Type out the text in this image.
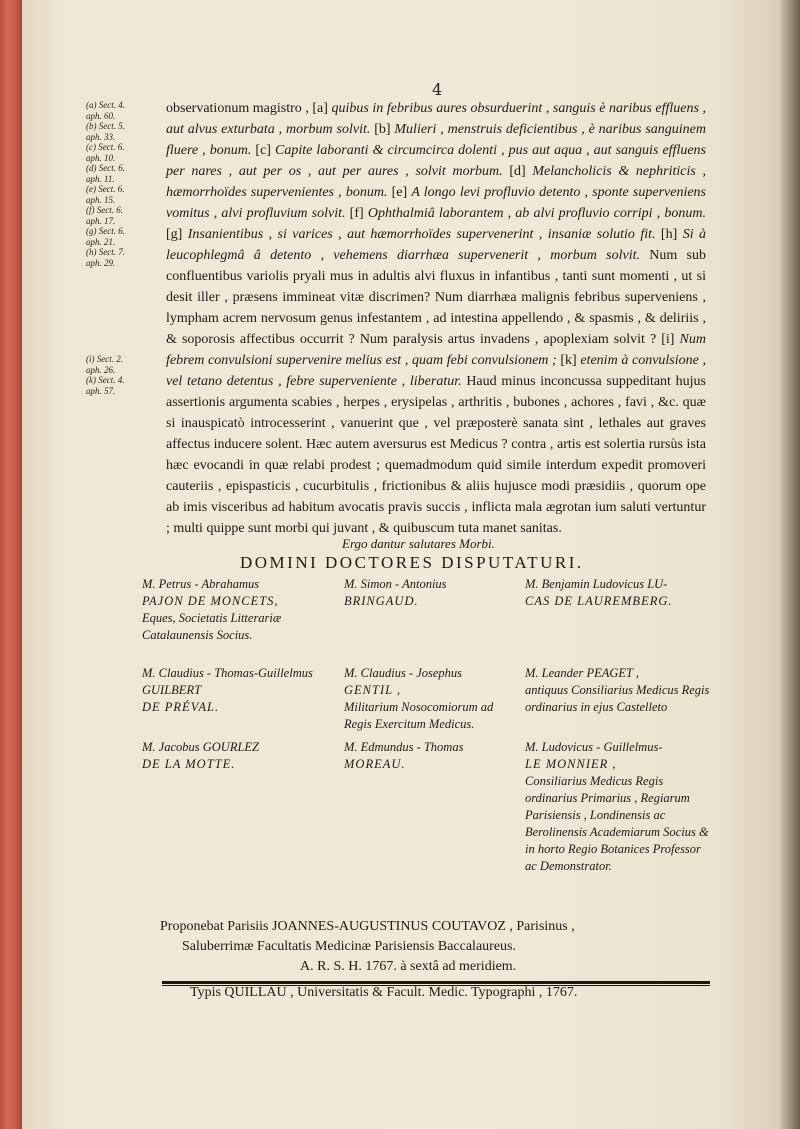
4

(a) Sect. 4.

aph. 60.

(b) Sect. 5.

aph. 33.

(c) Sect. 6.

aph. 10.

(d) Sect. 6.

aph. 11.

(e) Sect. 6.

aph. 15.

(f) Sect. 6.

aph. 17.

(g) Sect. 6.

aph. 21.

(h) Sect. 7.

aph. 29.

(i) Sect. 2.

aph. 26.

(k) Sect. 4.

aph. 57.

observationum magistro , [a] quibus in febribus aures obsurduerint , sanguis è naribus effluens , aut alvus exturbata , morbum solvit. [b] Mulieri , menstruis deficientibus , è naribus sanguinem fluere , bonum. [c] Capite laboranti & circumcirca dolenti , pus aut aqua , aut sanguis effluens per nares , aut per os , aut per aures , solvit morbum. [d] Melancholicis & nephriticis , hæmorrhoïdes supervenientes , bonum. [e] A longo levi profluvio detento , sponte superveniens vomitus , alvi profluvium solvit. [f] Ophthalmiâ laborantem , ab alvi profluvio corripi , bonum. [g] Insanientibus , si varices , aut hæmorrhoïdes supervenerint , insaniæ solutio fit. [h] Si à leucophlegmâ â detento , vehemens diarrhæa supervenerit , morbum solvit. Num sub confluentibus variolis pryali mus in adultis alvi fluxus in infantibus , tanti sunt momenti , ut si desit iller , præsens immineat vitæ discrimen? Num diarrhæa malignis febribus superveniens , lympham acrem nervosum genus infestantem , ad intestina appellendo , & spasmis , & deliriis , & soporosis affectibus occurrit ? Num paralysis artus invadens , apoplexiam solvit ? [i] Num febrem convulsioni supervenire melius est , quam febi convulsionem ; [k] etenim à convulsione , vel tetano detentus , febre superveniente , liberatur. Haud minus inconcussa suppeditant hujus assertionis argumenta scabies , herpes , erysipelas , arthritis , bubones , achores , favi , &c. quæ si inauspicatò introcesserint , vanuerint que , vel præposterè sanata sint , lethales aut graves affectus inducere solent. Hæc autem aversurus est Medicus ? contra , artis est solertia rursùs ista hæc evocandi in quæ relabi prodest ; quemadmodum quid simile interdum expedit promoveri cauteriis , epispasticis , cucurbitulis , frictionibus & aliis hujusce modi præsidiis , quorum ope ab imis visceribus ad habitum avocatis pravis succis , inflicta mala ægrotan ium saluti vertuntur ; multi quippe sunt morbi qui juvant , & quibuscum tuta manet sanitas.

Ergo dantur salutares Morbi.
DOMINI DOCTORES DISPUTATURI.
M. Petrus - Abrahamus
PAJON DE MONCETS,
Eques, Societatis Litterariæ Catalaunensis Socius.
M. Simon - Antonius
BRINGAUD.
M. Benjamin Ludovicus LU-
CAS DE LAUREMBERG.
M. Claudius - Thomas-Guillelmus GUILBERT
DE PRÉVAL.
M. Claudius - Josephus
GENTIL ,
Militarium Nosocomiorum ad Regis Exercitum Medicus.
M. Leander PEAGET ,
antiquus Consiliarius Medicus Regis ordinarius in ejus Castelleto
M. Jacobus GOURLEZ
DE LA MOTTE.
M. Edmundus - Thomas
MOREAU.
M. Ludovicus - Guillelmus-
LE MONNIER ,
Consiliarius Medicus Regis ordinarius Primarius , Regiarum Parisiensis , Londinensis ac Berolinensis Academiarum Socius & in horto Regio Botanices Professor ac Demonstrator.
Proponebat Parisiis JOANNES-AUGUSTINUS COUTAVOZ , Parisinus ,
Saluberrimæ Facultatis Medicinæ Parisiensis Baccalaureus.
A. R. S. H. 1767. à sextâ ad meridiem.
Typis QUILLAU , Universitatis & Facult. Medic. Typographi , 1767.
